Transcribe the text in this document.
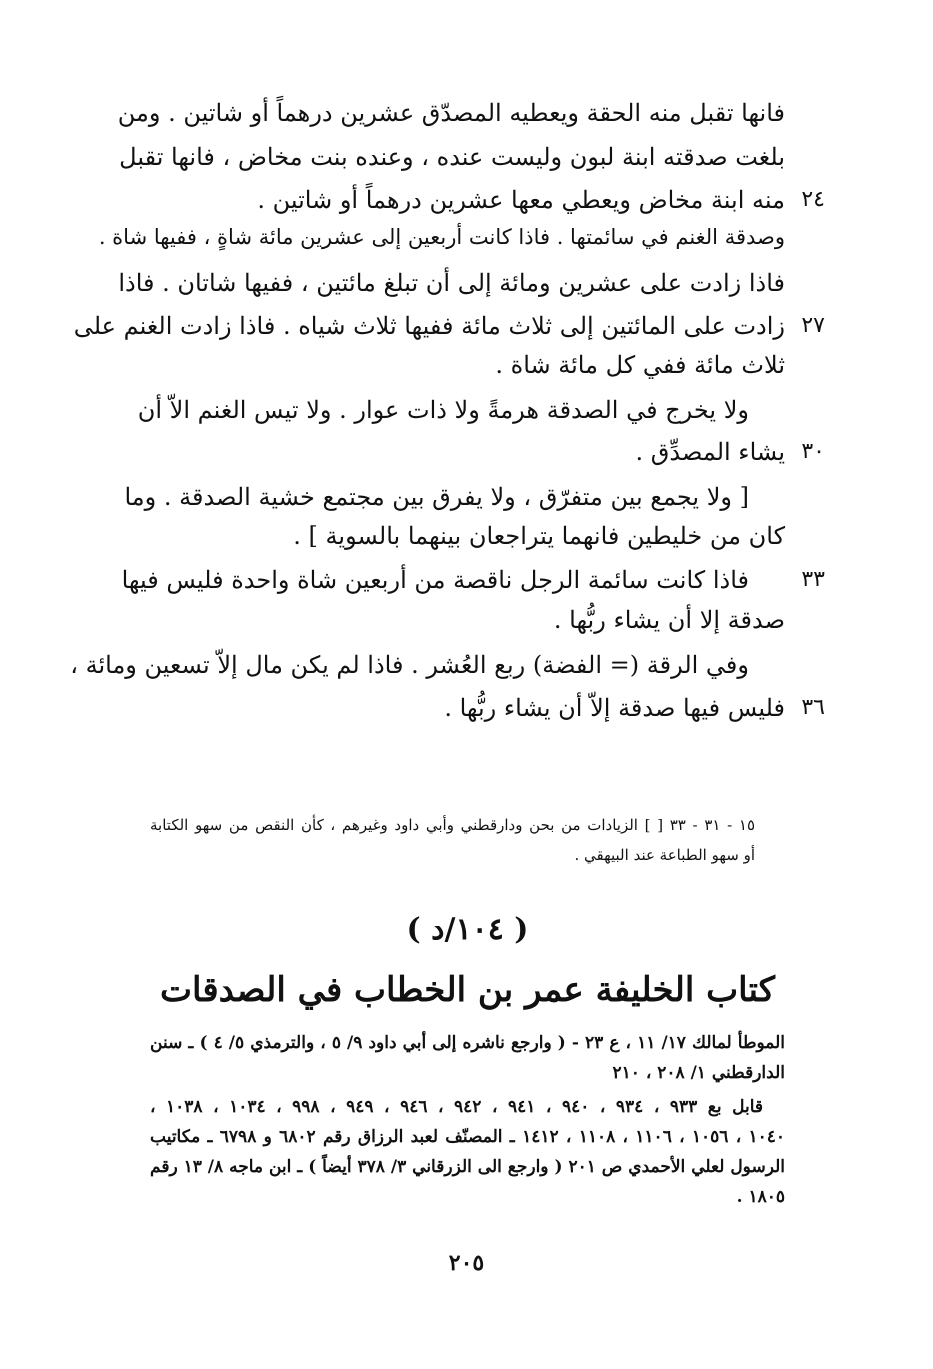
فانها تقبل منه الحقة ويعطيه المصدّق عشرين درهماً أو شاتين . ومن
بلغت صدقته ابنة لبون وليست عنده ، وعنده بنت مخاض ، فانها تقبل
منه ابنة مخاض ويعطي معها عشرين درهماً أو شاتين . ٢٤
وصدقة الغنم في سائمتها . فاذا كانت أربعين إلى عشرين مائة شاةٍ ، ففيها شاة .
فاذا زادت على عشرين ومائة إلى أن تبلغ مائتين ، ففيها شاتان . فاذا
زادت على المائتين إلى ثلاث مائة ففيها ثلاث شياه . فاذا زادت الغنم على ٢٧
ثلاث مائة ففي كل مائة شاة .
ولا يخرج في الصدقة هرمةً ولا ذات عوار . ولا تيس الغنم الاّ أن
يشاء المصدِّق . ٣٠
[ ولا يجمع بين متفرّق ، ولا يفرق بين مجتمع خشية الصدقة . وما
كان من خليطين فانهما يتراجعان بينهما بالسوية ] .
فاذا كانت سائمة الرجل ناقصة من أربعين شاة واحدة فليس فيها	٣٣
صدقة إلا أن يشاء ربُّها .
وفي الرقة (= الفضة) ربع العُشر . فاذا لم يكن مال إلاّ تسعين ومائة ،
فليس فيها صدقة إلاّ أن يشاء ربُّها . ٣٦
١٥ - ٣١ - ٣٣ [ ] الزيادات من بحن ودارقطني وأبي داود وغيرهم ، كأن النقص من سهو الكتابة
أو سهو الطباعة عند البيهقي .
( ١٠٤/د )
كتاب الخليفة عمر بن الخطاب في الصدقات
الموطأ لمالك ١٧/ ١١ ، ع ٢٣ - ( وارجع ناشره إلى أبي داود ٩/ ٥ ، والترمذي ٥/ ٤ ) ـ سنن
الدارقطني ١/ ٢٠٨ ، ٢١٠
قابل بع ٩٣٣ ، ٩٣٤ ، ٩٤٠ ، ٩٤١ ، ٩٤٢ ، ٩٤٦ ، ٩٤٩ ، ٩٩٨ ، ١٠٣٤ ، ١٠٣٨ ،
١٠٤٠ ، ١٠٥٦ ، ١١٠٦ ، ١١٠٨ ، ١٤١٢ ـ المصنّف لعبد الرزاق رقم ٦٨٠٢ و ٦٧٩٨ ـ مكاتيب
الرسول لعلي الأحمدي ص ٢٠١ ( وارجع الى الزرقاني ٣/ ٣٧٨ أيضاً ) ـ ابن ماجه ٨/ ١٣ رقم
١٨٠٥ .
٢٠٥
